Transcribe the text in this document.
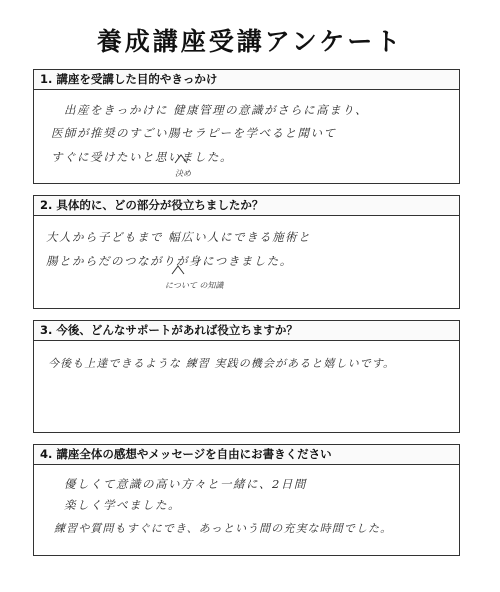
養成講座受講アンケート
1. 講座を受講した目的やきっかけ
出産をきっかけに 健康管理の意識がさらに高まり、
医師が推奨のすごい腸セラピーを学べると聞いて
すぐに受けたいと思いました。
決め
2. 具体的に、どの部分が役立ちましたか？
大人から子どもまで 幅広い人にできる施術と
腸とからだのつながりが身につきました。
について の知識
3. 今後、どんなサポートがあれば役立ちますか？
今後も上達できるような 練習 実践の機会があると嬉しいです。
4. 講座全体の感想やメッセージを自由にお書きください
優しくて意識の高い方々と一緒に、2日間
楽しく学べました。
練習や質問もすぐにでき、あっという間の充実な時間でした。
